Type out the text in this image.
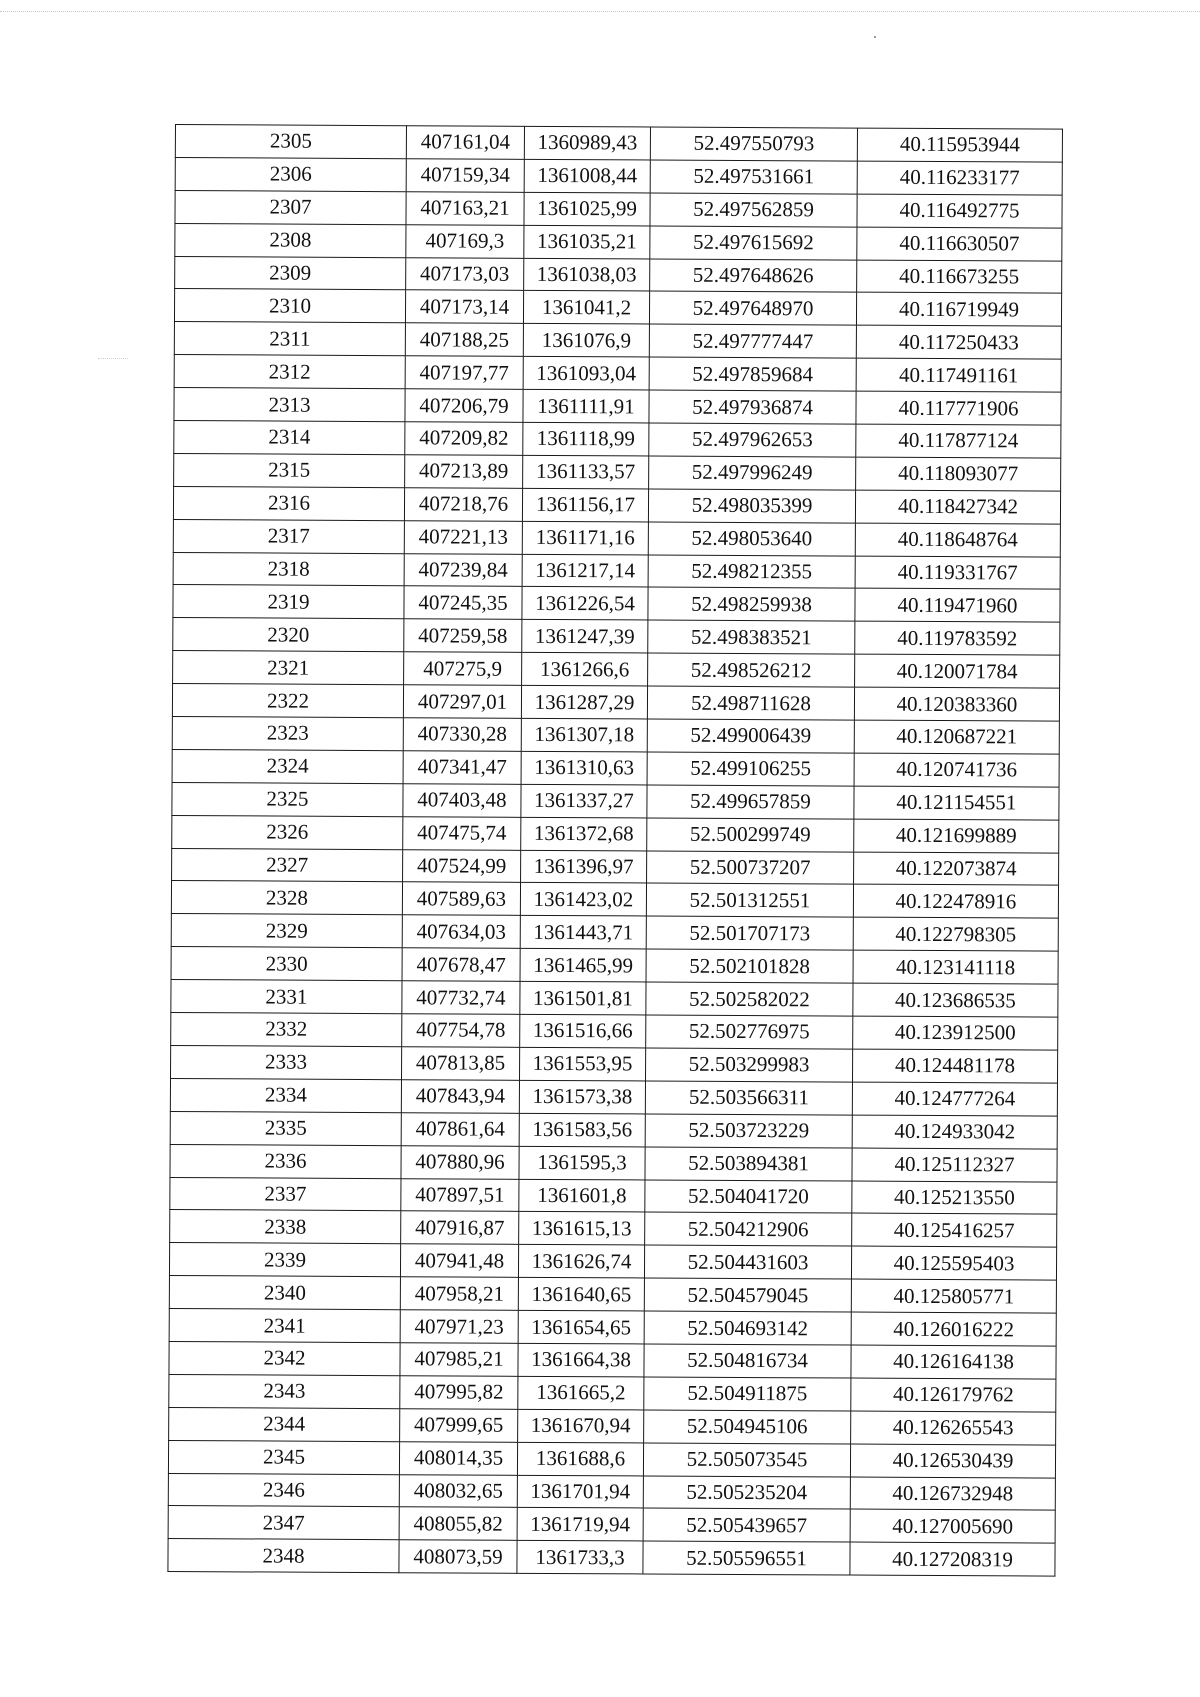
2305	407161,04	1360989,43	52.497550793	40.115953944
2306	407159,34	1361008,44	52.497531661	40.116233177
2307	407163,21	1361025,99	52.497562859	40.116492775
2308	407169,3	1361035,21	52.497615692	40.116630507
2309	407173,03	1361038,03	52.497648626	40.116673255
2310	407173,14	1361041,2	52.497648970	40.116719949
2311	407188,25	1361076,9	52.497777447	40.117250433
2312	407197,77	1361093,04	52.497859684	40.117491161
2313	407206,79	1361111,91	52.497936874	40.117771906
2314	407209,82	1361118,99	52.497962653	40.117877124
2315	407213,89	1361133,57	52.497996249	40.118093077
2316	407218,76	1361156,17	52.498035399	40.118427342
2317	407221,13	1361171,16	52.498053640	40.118648764
2318	407239,84	1361217,14	52.498212355	40.119331767
2319	407245,35	1361226,54	52.498259938	40.119471960
2320	407259,58	1361247,39	52.498383521	40.119783592
2321	407275,9	1361266,6	52.498526212	40.120071784
2322	407297,01	1361287,29	52.498711628	40.120383360
2323	407330,28	1361307,18	52.499006439	40.120687221
2324	407341,47	1361310,63	52.499106255	40.120741736
2325	407403,48	1361337,27	52.499657859	40.121154551
2326	407475,74	1361372,68	52.500299749	40.121699889
2327	407524,99	1361396,97	52.500737207	40.122073874
2328	407589,63	1361423,02	52.501312551	40.122478916
2329	407634,03	1361443,71	52.501707173	40.122798305
2330	407678,47	1361465,99	52.502101828	40.123141118
2331	407732,74	1361501,81	52.502582022	40.123686535
2332	407754,78	1361516,66	52.502776975	40.123912500
2333	407813,85	1361553,95	52.503299983	40.124481178
2334	407843,94	1361573,38	52.503566311	40.124777264
2335	407861,64	1361583,56	52.503723229	40.124933042
2336	407880,96	1361595,3	52.503894381	40.125112327
2337	407897,51	1361601,8	52.504041720	40.125213550
2338	407916,87	1361615,13	52.504212906	40.125416257
2339	407941,48	1361626,74	52.504431603	40.125595403
2340	407958,21	1361640,65	52.504579045	40.125805771
2341	407971,23	1361654,65	52.504693142	40.126016222
2342	407985,21	1361664,38	52.504816734	40.126164138
2343	407995,82	1361665,2	52.504911875	40.126179762
2344	407999,65	1361670,94	52.504945106	40.126265543
2345	408014,35	1361688,6	52.505073545	40.126530439
2346	408032,65	1361701,94	52.505235204	40.126732948
2347	408055,82	1361719,94	52.505439657	40.127005690
2348	408073,59	1361733,3	52.505596551	40.127208319
